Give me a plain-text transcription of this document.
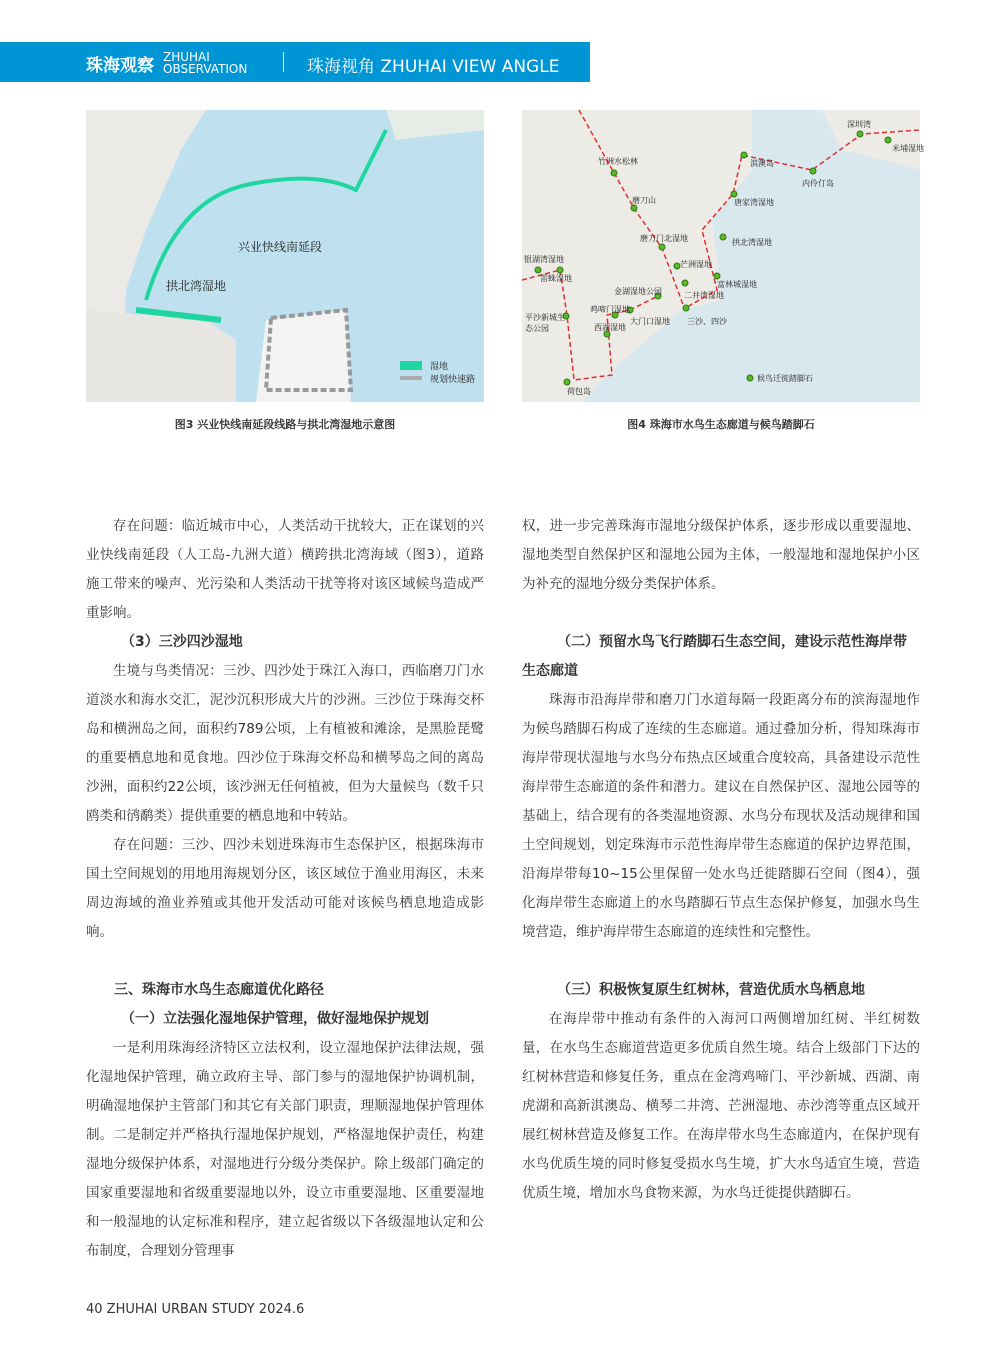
珠海观察 ZHUHAI
OBSERVATION	珠海视角 ZHUHAI VIEW ANGLE
兴业快线南延段
拱北湾湿地
湿地
规划快速路
图3 兴业快线南延段线路与拱北湾湿地示意图
深圳湾
米埔湿地
淇澳岛
内伶仃岛
竹洲水松林
磨刀山	唐家湾湿地
磨刀门北湿地	拱北湾湿地
银湖湾湿地
雷蛛湿地
芒洲湿地
富林城湿地
二井湾湿地
金湖湿地公园
鸡啼门湿地
大门口湿地 三沙、四沙
平沙新城生态公园	西湖湿地
荷包岛
候鸟迁徙踏脚石
图4 珠海市水鸟生态廊道与候鸟踏脚石

存在问题：临近城市中心，人类活动干扰较大，正在谋划的兴业快线南延段（人工岛-九洲大道）横跨拱北湾海域（图3），道路施工带来的噪声、光污染和人类活动干扰等将对该区域候鸟造成严重影响。

（3）三沙四沙湿地

生境与鸟类情况：三沙、四沙处于珠江入海口，西临磨刀门水道淡水和海水交汇，泥沙沉积形成大片的沙洲。三沙位于珠海交杯岛和横洲岛之间，面积约789公顷，上有植被和滩涂，是黑脸琵鹭的重要栖息地和觅食地。四沙位于珠海交杯岛和横琴岛之间的离岛沙洲，面积约22公顷，该沙洲无任何植被，但为大量候鸟（数千只鸥类和鸻鹬类）提供重要的栖息地和中转站。

存在问题：三沙、四沙未划进珠海市生态保护区，根据珠海市国土空间规划的用地用海规划分区，该区域位于渔业用海区，未来周边海域的渔业养殖或其他开发活动可能对该候鸟栖息地造成影响。

三、珠海市水鸟生态廊道优化路径
（一）立法强化湿地保护管理，做好湿地保护规划

一是利用珠海经济特区立法权利，设立湿地保护法律法规，强化湿地保护管理，确立政府主导、部门参与的湿地保护协调机制，明确湿地保护主管部门和其它有关部门职责，理顺湿地保护管理体制。二是制定并严格执行湿地保护规划，严格湿地保护责任，构建湿地分级保护体系，对湿地进行分级分类保护。除上级部门确定的国家重要湿地和省级重要湿地以外，设立市重要湿地、区重要湿地和一般湿地的认定标准和程序，建立起省级以下各级湿地认定和公布制度，合理划分管理事

权，进一步完善珠海市湿地分级保护体系，逐步形成以重要湿地、湿地类型自然保护区和湿地公园为主体，一般湿地和湿地保护小区为补充的湿地分级分类保护体系。

（二）预留水鸟飞行踏脚石生态空间，建设示范性海岸带生态廊道

珠海市沿海岸带和磨刀门水道每隔一段距离分布的滨海湿地作为候鸟踏脚石构成了连续的生态廊道。通过叠加分析，得知珠海市海岸带现状湿地与水鸟分布热点区域重合度较高，具备建设示范性海岸带生态廊道的条件和潜力。建议在自然保护区、湿地公园等的基础上，结合现有的各类湿地资源、水鸟分布现状及活动规律和国土空间规划，划定珠海市示范性海岸带生态廊道的保护边界范围，沿海岸带每10~15公里保留一处水鸟迁徙踏脚石空间（图4），强化海岸带生态廊道上的水鸟踏脚石节点生态保护修复，加强水鸟生境营造，维护海岸带生态廊道的连续性和完整性。

（三）积极恢复原生红树林，营造优质水鸟栖息地

在海岸带中推动有条件的入海河口两侧增加红树、半红树数量，在水鸟生态廊道营造更多优质自然生境。结合上级部门下达的红树林营造和修复任务，重点在金湾鸡啼门、平沙新城、西湖、南虎湖和高新淇澳岛、横琴二井湾、芒洲湿地、赤沙湾等重点区域开展红树林营造及修复工作。在海岸带水鸟生态廊道内，在保护现有水鸟优质生境的同时修复受损水鸟生境，扩大水鸟适宜生境，营造优质生境，增加水鸟食物来源，为水鸟迁徙提供踏脚石。

40 ZHUHAI URBAN STUDY 2024.6
